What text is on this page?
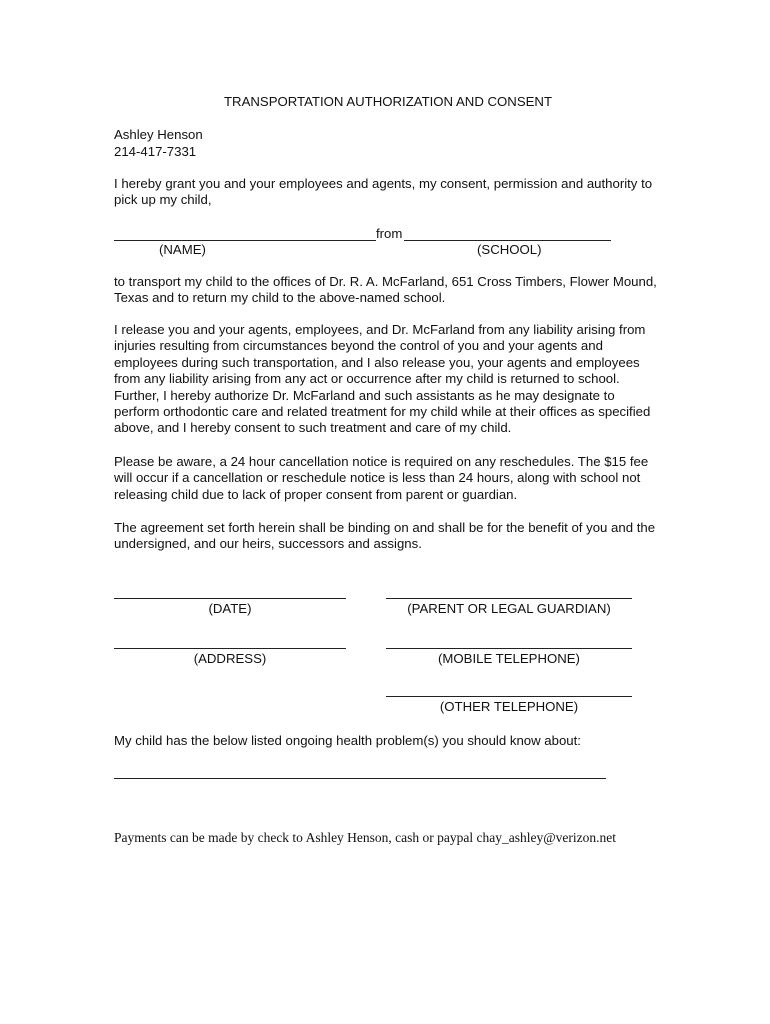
TRANSPORTATION AUTHORIZATION AND CONSENT
Ashley Henson
214-417-7331
I hereby grant you and your employees and agents, my consent, permission and authority to pick up my child,
from
(NAME)	(SCHOOL)
to transport my child to the offices of Dr. R. A. McFarland, 651 Cross Timbers, Flower Mound, Texas and to return my child to the above-named school.
I release you and your agents, employees, and Dr. McFarland from any liability arising from injuries resulting from circumstances beyond the control of you and your agents and employees during such transportation, and I also release you, your agents and employees from any liability arising from any act or occurrence after my child is returned to school. Further, I hereby authorize Dr. McFarland and such assistants as he may designate to perform orthodontic care and related treatment for my child while at their offices as specified above, and I hereby consent to such treatment and care of my child.
Please be aware, a 24 hour cancellation notice is required on any reschedules. The $15 fee will occur if a cancellation or reschedule notice is less than 24 hours, along with school not releasing child due to lack of proper consent from parent or guardian.
The agreement set forth herein shall be binding on and shall be for the benefit of you and the undersigned, and our heirs, successors and assigns.
(DATE)	(PARENT OR LEGAL GUARDIAN)
(ADDRESS)	(MOBILE TELEPHONE)
(OTHER TELEPHONE)
My child has the below listed ongoing health problem(s) you should know about:
Payments can be made by check to Ashley Henson, cash or paypal chay_ashley@verizon.net
